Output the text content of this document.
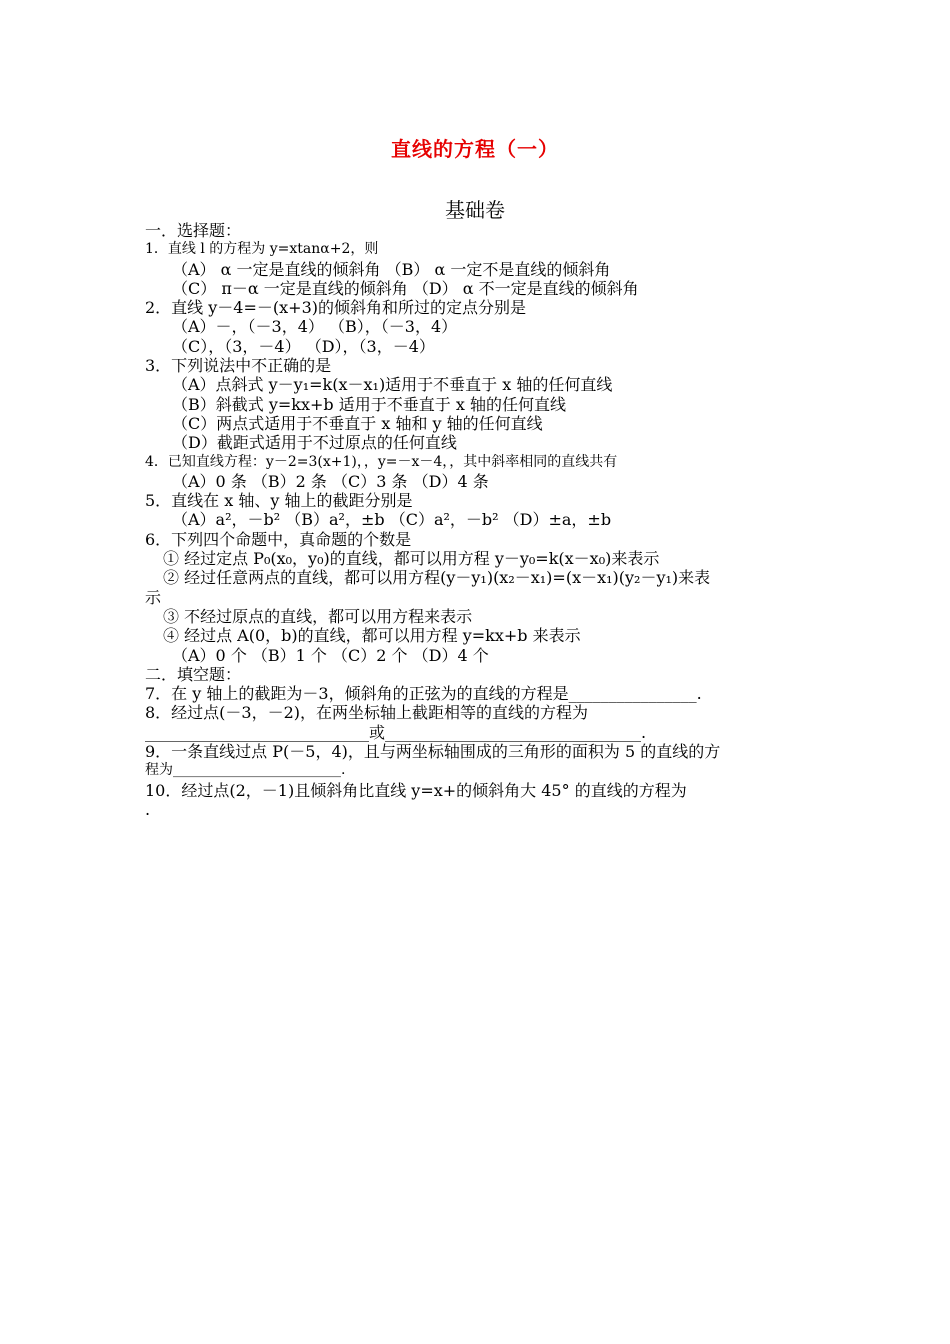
直线的方程（一）
基础卷
一．选择题：
1．直线 l 的方程为 y=xtanα+2，则
（A） α 一定是直线的倾斜角 （B） α 一定不是直线的倾斜角
（C） π－α 一定是直线的倾斜角 （D） α 不一定是直线的倾斜角
2．直线 y－4=－(x+3)的倾斜角和所过的定点分别是
（A）－，（－3，4） （B），（－3，4）
（C），（3，－4） （D），（3，－4）
3．下列说法中不正确的是
（A）点斜式 y－y₁=k(x－x₁)适用于不垂直于 x 轴的任何直线
（B）斜截式 y=kx+b 适用于不垂直于 x 轴的任何直线
（C）两点式适用于不垂直于 x 轴和 y 轴的任何直线
（D）截距式适用于不过原点的任何直线
4．已知直线方程：y－2=3(x+1)，，y=－x－4，，其中斜率相同的直线共有
（A）0 条 （B）2 条 （C）3 条 （D）4 条
5．直线在 x 轴、y 轴上的截距分别是
（A）a²，－b² （B）a²，±b （C）a²，－b² （D）±a，±b
6．下列四个命题中，真命题的个数是
① 经过定点 P₀(x₀，y₀)的直线，都可以用方程 y－y₀=k(x－x₀)来表示
② 经过任意两点的直线，都可以用方程(y－y₁)(x₂－x₁)=(x－x₁)(y₂－y₁)来表
示
③ 不经过原点的直线，都可以用方程来表示
④ 经过点 A(0，b)的直线，都可以用方程 y=kx+b 来表示
（A）0 个 （B）1 个 （C）2 个 （D）4 个
二．填空题：
7．在 y 轴上的截距为－3，倾斜角的正弦为的直线的方程是________________.
8．经过点(－3，－2)，在两坐标轴上截距相等的直线的方程为
____________________________或________________________________.
9．一条直线过点 P(－5，4)，且与两坐标轴围成的三角形的面积为 5 的直线的方
程为________________________.
10．经过点(2，－1)且倾斜角比直线 y=x+的倾斜角大 45° 的直线的方程为
.
